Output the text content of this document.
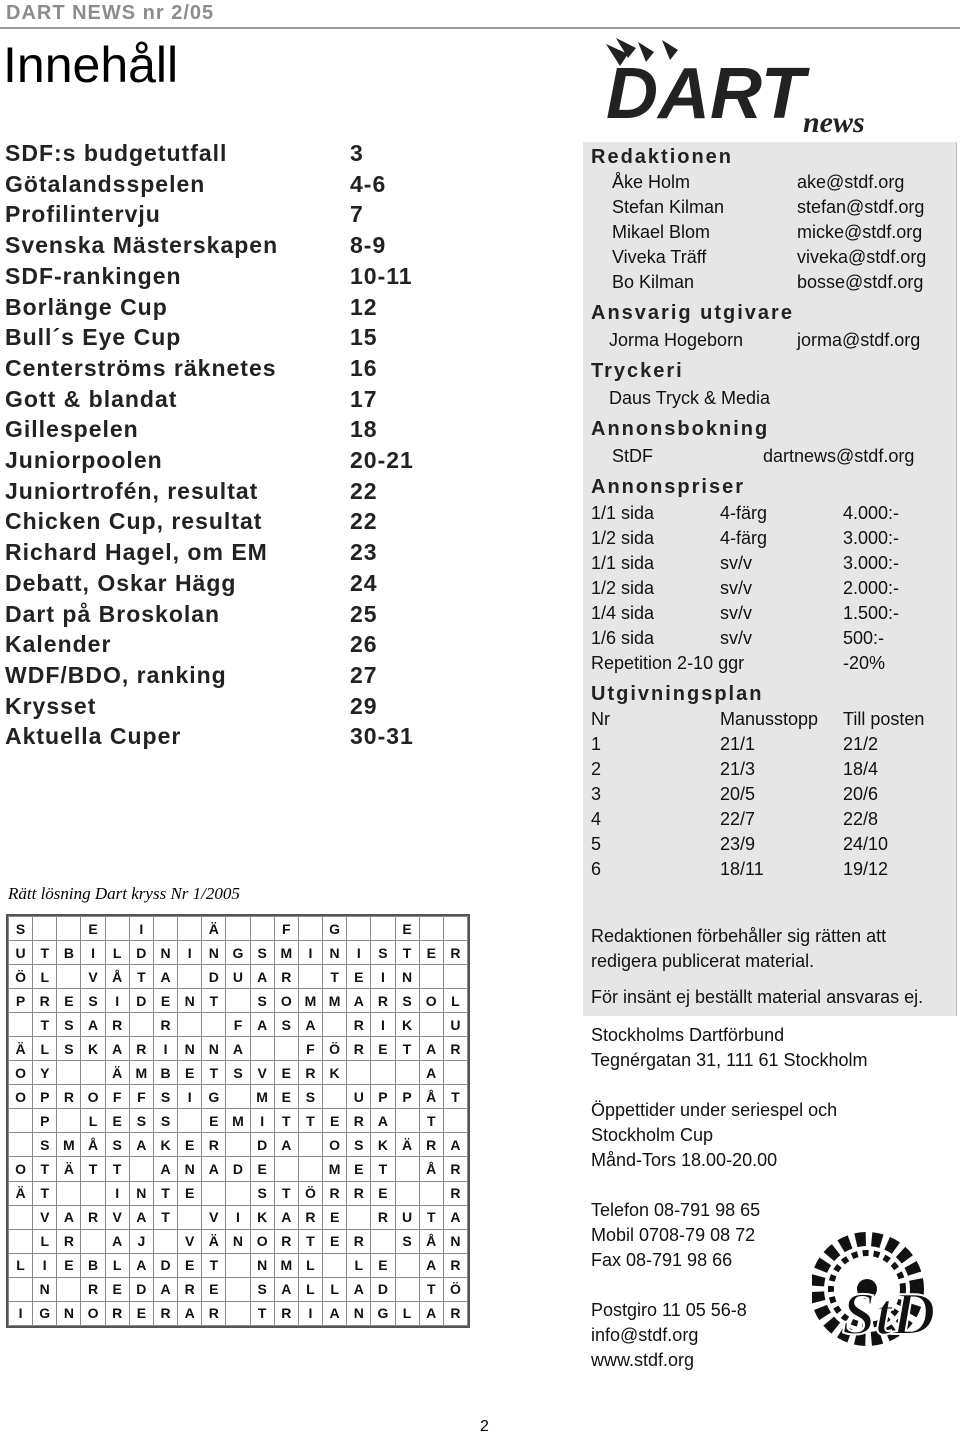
DART NEWS nr 2/05
Innehåll
SDF:s budgetutfall	3
Götalandsspelen	4-6
Profilintervju	7
Svenska Mästerskapen	8-9
SDF-rankingen	10-11
Borlänge Cup	12
Bull´s Eye Cup	15
Centerströms räknetes	16
Gott & blandat	17
Gillespelen	18
Juniorpoolen	20-21
Juniortrofén, resultat	22
Chicken Cup, resultat	22
Richard Hagel, om EM	23
Debatt, Oskar Hägg	24
Dart på Broskolan	25
Kalender	26
WDF/BDO, ranking	27
Krysset	29
Aktuella Cuper	30-31
Rätt lösning Dart kryss Nr 1/2005
S			E		I			Ä			F		G			E		
U	T	B	I	L	D	N	I	N	G	S	M	I	N	I	S	T	E	R
Ö	L		V	Å	T	A		D	U	A	R		T	E	I	N		
P	R	E	S	I	D	E	N	T		S	O	M	M	A	R	S	O	L
	T	S	A	R		R			F	A	S	A		R	I	K		U
Ä	L	S	K	A	R	I	N	N	A			F	Ö	R	E	T	A	R
O	Y			Ä	M	B	E	T	S	V	E	R	K				A	
O	P	R	O	F	F	S	I	G		M	E	S		U	P	P	Å	T
	P		L	E	S	S		E	M	I	T	T	E	R	A		T	
	S	M	Å	S	A	K	E	R		D	A		O	S	K	Ä	R	A
O	T	Ä	T	T		A	N	A	D	E			M	E	T		Å	R
Ä	T			I	N	T	E			S	T	Ö	R	R	E			R
	V	A	R	V	A	T		V	I	K	A	R	E		R	U	T	A
	L	R		A	J		V	Ä	N	O	R	T	E	R		S	Å	N
L	I	E	B	L	A	D	E	T		N	M	L		L	E		A	R
	N		R	E	D	A	R	E		S	A	L	L	A	D		T	Ö
I	G	N	O	R	E	R	A	R		T	R	I	A	N	G	L	A	R
DART
news
Redaktionen
Åke Holm	ake@stdf.org
Stefan Kilman	stefan@stdf.org
Mikael Blom	micke@stdf.org
Viveka Träff	viveka@stdf.org
Bo Kilman	bosse@stdf.org
Ansvarig utgivare
Jorma Hogeborn	jorma@stdf.org
Tryckeri
Daus Tryck & Media
Annonsbokning
StDF	dartnews@stdf.org
Annonspriser
1/1 sida	4-färg	4.000:-
1/2 sida	4-färg	3.000:-
1/1 sida	sv/v	3.000:-
1/2 sida	sv/v	2.000:-
1/4 sida	sv/v	1.500:-
1/6 sida	sv/v	500:-
Repetition 2-10 ggr	-20%
Utgivningsplan
Nr	Manusstopp Till posten
1	21/1	21/2
2	21/3	18/4
3	20/5	20/6
4	22/7	22/8
5	23/9	24/10
6	18/11	19/12
Redaktionen förbehåller sig rätten att
redigera publicerat material.
För insänt ej beställt material ansvaras ej.
Stockholms Dartförbund
Tegnérgatan 31, 111 61 Stockholm
Öppettider under seriespel och
Stockholm Cup
Månd-Tors 18.00-20.00
Telefon 08-791 98 65
Mobil 0708-79 08 72
Fax 08-791 98 66
Postgiro 11 05 56-8
info@stdf.org
www.stdf.org
StD
2
